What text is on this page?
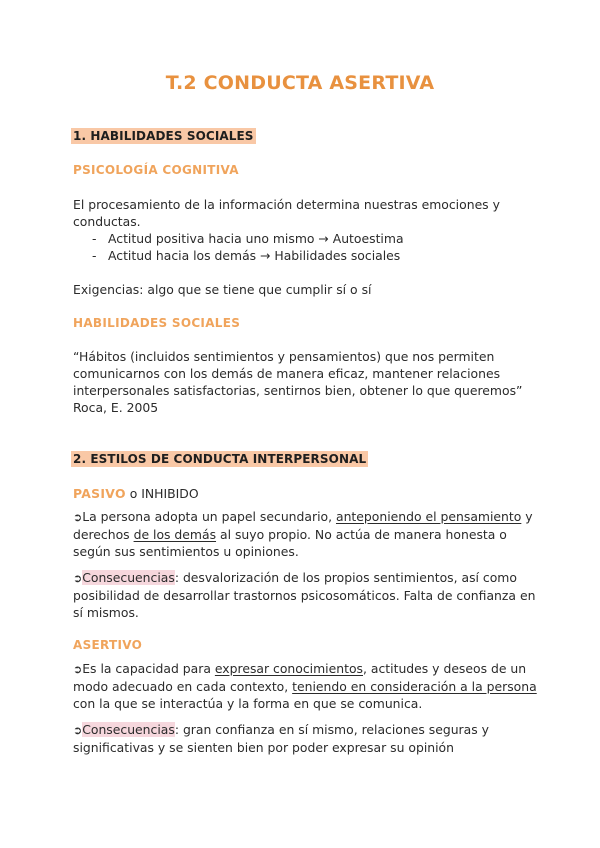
T.2 CONDUCTA ASERTIVA
1. HABILIDADES SOCIALES
PSICOLOGÍA COGNITIVA
El procesamiento de la información determina nuestras emociones y
conductas.
- Actitud positiva hacia uno mismo → Autoestima
- Actitud hacia los demás → Habilidades sociales
Exigencias: algo que se tiene que cumplir sí o sí
HABILIDADES SOCIALES
“Hábitos (incluidos sentimientos y pensamientos) que nos permiten
comunicarnos con los demás de manera eficaz, mantener relaciones
interpersonales satisfactorias, sentirnos bien, obtener lo que queremos”
Roca, E. 2005
2. ESTILOS DE CONDUCTA INTERPERSONAL
PASIVO o INHIBIDO
➲La persona adopta un papel secundario, anteponiendo el pensamiento y
derechos de los demás al suyo propio. No actúa de manera honesta o
según sus sentimientos u opiniones.
➲Consecuencias: desvalorización de los propios sentimientos, así como
posibilidad de desarrollar trastornos psicosomáticos. Falta de confianza en
sí mismos.
ASERTIVO
➲Es la capacidad para expresar conocimientos, actitudes y deseos de un
modo adecuado en cada contexto, teniendo en consideración a la persona
con la que se interactúa y la forma en que se comunica.
➲Consecuencias: gran confianza en sí mismo, relaciones seguras y
significativas y se sienten bien por poder expresar su opinión
